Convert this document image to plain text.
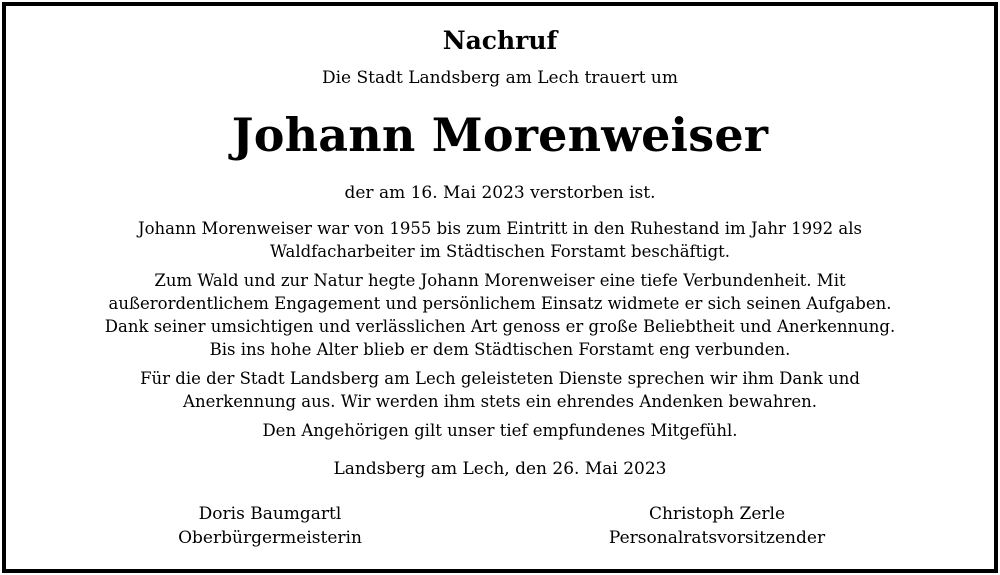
Nachruf

Die Stadt Landsberg am Lech trauert um

Johann Morenweiser

der am 16. Mai 2023 verstorben ist.

Johann Morenweiser war von 1955 bis zum Eintritt in den Ruhestand im Jahr 1992 als

Waldfacharbeiter im Städtischen Forstamt beschäftigt.

Zum Wald und zur Natur hegte Johann Morenweiser eine tiefe Verbundenheit. Mit

außerordentlichem Engagement und persönlichem Einsatz widmete er sich seinen Aufgaben.

Dank seiner umsichtigen und verlässlichen Art genoss er große Beliebtheit und Anerkennung.

Bis ins hohe Alter blieb er dem Städtischen Forstamt eng verbunden.

Für die der Stadt Landsberg am Lech geleisteten Dienste sprechen wir ihm Dank und

Anerkennung aus. Wir werden ihm stets ein ehrendes Andenken bewahren.

Den Angehörigen gilt unser tief empfundenes Mitgefühl.

Landsberg am Lech, den 26. Mai 2023

Doris Baumgartl
Oberbürgermeisterin
Christoph Zerle
Personalratsvorsitzender
